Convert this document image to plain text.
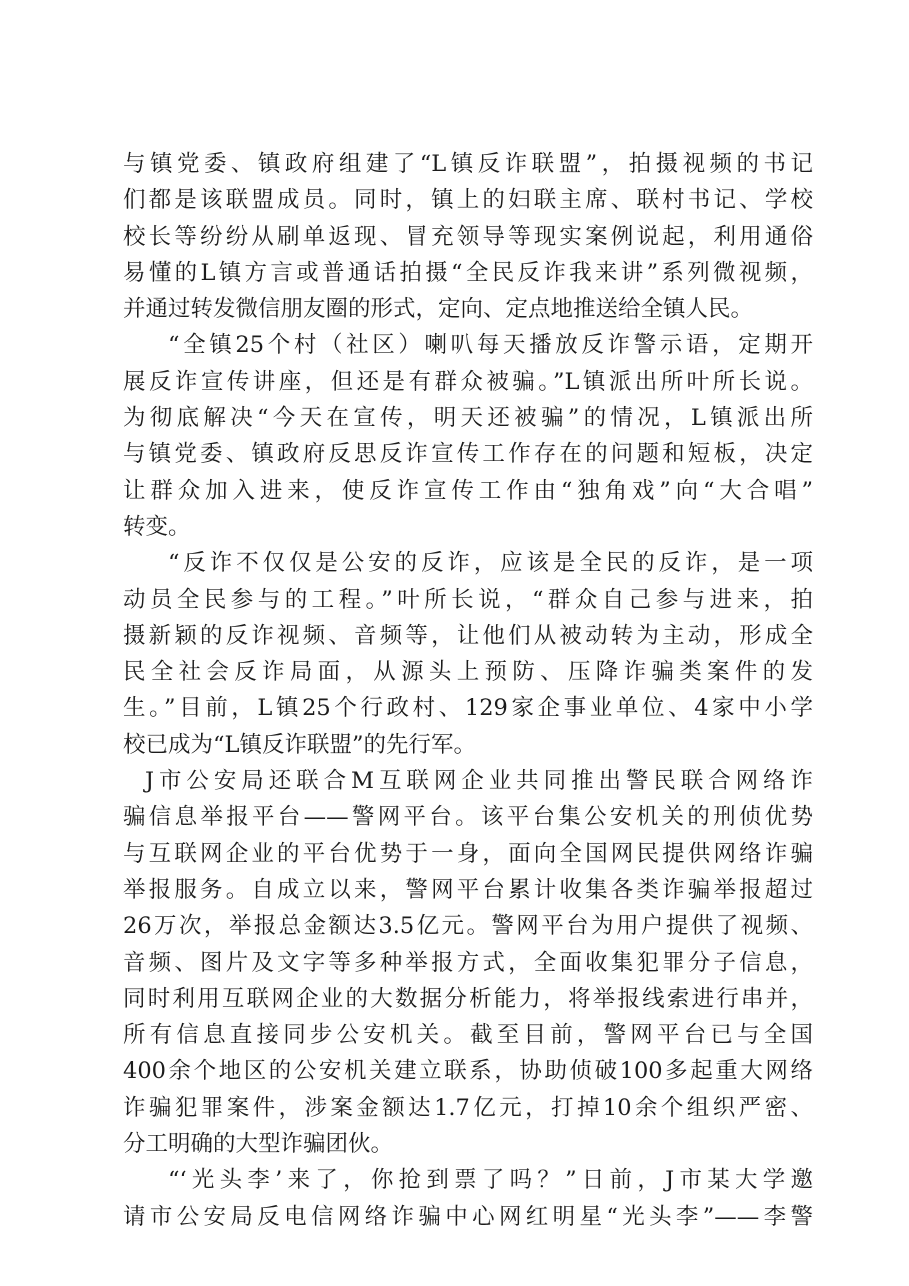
与镇党委、镇政府组建了“L镇反诈联盟”，拍摄视频的书记
们都是该联盟成员。同时，镇上的妇联主席、联村书记、学校
校长等纷纷从刷单返现、冒充领导等现实案例说起，利用通俗
易懂的L镇方言或普通话拍摄“全民反诈我来讲”系列微视频，
并通过转发微信朋友圈的形式，定向、定点地推送给全镇人民。
“全镇25个村（社区）喇叭每天播放反诈警示语，定期开
展反诈宣传讲座，但还是有群众被骗。”L镇派出所叶所长说。
为彻底解决“今天在宣传，明天还被骗”的情况，L镇派出所
与镇党委、镇政府反思反诈宣传工作存在的问题和短板，决定
让群众加入进来，使反诈宣传工作由“独角戏”向“大合唱”
转变。
“反诈不仅仅是公安的反诈，应该是全民的反诈，是一项
动员全民参与的工程。”叶所长说，“群众自己参与进来，拍
摄新颖的反诈视频、音频等，让他们从被动转为主动，形成全
民全社会反诈局面，从源头上预防、压降诈骗类案件的发
生。”目前，L镇25个行政村、129家企事业单位、4家中小学
校已成为“L镇反诈联盟”的先行军。
J市公安局还联合M互联网企业共同推出警民联合网络诈
骗信息举报平台——警网平台。该平台集公安机关的刑侦优势
与互联网企业的平台优势于一身，面向全国网民提供网络诈骗
举报服务。自成立以来，警网平台累计收集各类诈骗举报超过
26万次，举报总金额达3.5亿元。警网平台为用户提供了视频、
音频、图片及文字等多种举报方式，全面收集犯罪分子信息，
同时利用互联网企业的大数据分析能力，将举报线索进行串并，
所有信息直接同步公安机关。截至目前，警网平台已与全国
400余个地区的公安机关建立联系，协助侦破100多起重大网络
诈骗犯罪案件，涉案金额达1.7亿元，打掉10余个组织严密、
分工明确的大型诈骗团伙。
“‘光头李’来了，你抢到票了吗？”日前，J市某大学邀
请市公安局反电信网络诈骗中心网红明星“光头李”——李警
